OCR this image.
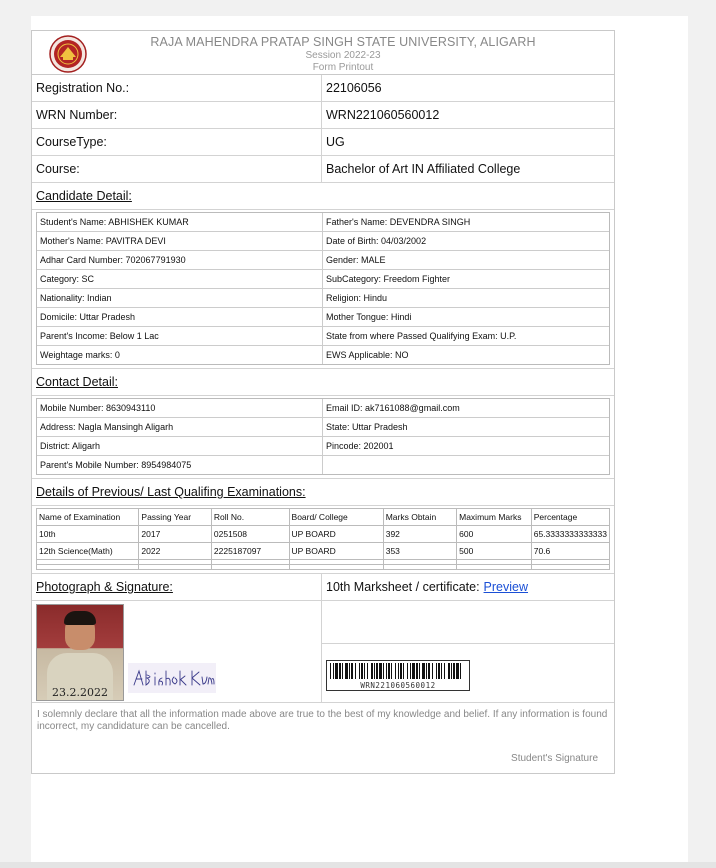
RAJA MAHENDRA PRATAP SINGH STATE UNIVERSITY, ALIGARH
Session 2022-23
Form Printout
Registration No.:	22106056
WRN Number:	WRN221060560012
CourseType:	UG
Course:	Bachelor of Art IN Affiliated College
Candidate Detail:
Student's Name: ABHISHEK KUMAR	Father's Name: DEVENDRA SINGH
Mother's Name: PAVITRA DEVI	Date of Birth: 04/03/2002
Adhar Card Number: 702067791930	Gender: MALE
Category: SC	SubCategory: Freedom Fighter
Nationality: Indian	Religion: Hindu
Domicile: Uttar Pradesh	Mother Tongue: Hindi
Parent's Income: Below 1 Lac	State from where Passed Qualifying Exam: U.P.
Weightage marks: 0	EWS Applicable: NO
Contact Detail:
Mobile Number: 8630943110	Email ID: ak7161088@gmail.com
Address: Nagla Mansingh Aligarh	State: Uttar Pradesh
District: Aligarh	Pincode: 202001
Parent's Mobile Number: 8954984075
Details of Previous/ Last Qualifing Examinations:
Name of Examination	Passing Year	Roll No.	Board/ College	Marks Obtain	Maximum Marks	Percentage
10th	2017	0251508	UP BOARD	392	600	65.3333333333333
12th Science(Math)	2022	2225187097	UP BOARD	353	500	70.6

Photograph & Signature:
23.2.2022
10th Marksheet / certificate: Preview
WRN221060560012
I solemnly declare that all the information made above are true to the best of my knowledge and belief. If any information is found incorrect, my candidature can be cancelled.
Student's Signature
